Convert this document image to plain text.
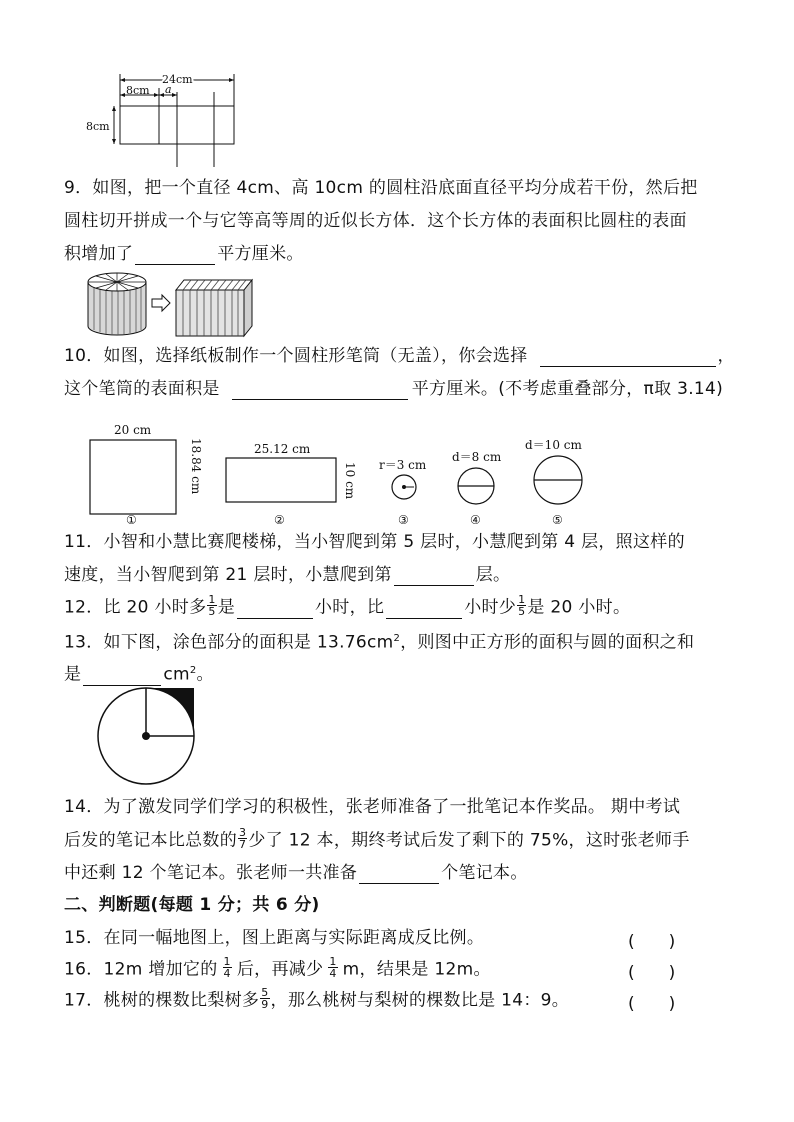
24cm
8cm a
8cm
9．如图，把一个直径 4cm、高 10cm 的圆柱沿底面直径平均分成若干份，然后把
圆柱切开拼成一个与它等高等周的近似长方体．这个长方体的表面积比圆柱的表面
积增加了	平方厘米。
10．如图，选择纸板制作一个圆柱形笔筒（无盖），你会选择	，
这个笔筒的表面积是	平方厘米。(不考虑重叠部分，π取 3.14)
20 cm
18.84 cm	25.12 cm
10 cm r＝3 cm
d＝8 cm
d＝10 cm
①	②	③	④	⑤
11．小智和小慧比赛爬楼梯，当小智爬到第 5 层时，小慧爬到第 4 层，照这样的
速度，当小智爬到第 21 层时，小慧爬到第	层。
12．比 20 小时多 $\frac{1}{5}$ 是	小时，比	小时少 $\frac{1}{5}$ 是 20 小时。
13．如下图，涂色部分的面积是 $13.76cm^2$，则图中正方形的面积与圆的面积之和
是	$cm^2$。
14．为了激发同学们学习的积极性，张老师准备了一批笔记本作奖品。 期中考试
后发的笔记本比总数的 $\frac{3}{7}$ 少了 12 本，期终考试后发了剩下的 75%，这时张老师手
中还剩 12 个笔记本。张老师一共准备	个笔记本。
二、判断题(每题 1 分；共 6 分)
15．在同一幅地图上，图上距离与实际距离成反比例。	(　　)
16．12m 增加它的 $\frac{1}{4}$ 后，再减少 $\frac{1}{4}$ m，结果是 12m。	(　　)
17．桃树的棵数比梨树多 $\frac{5}{9}$ ，那么桃树与梨树的棵数比是 14：9。	(　　)
